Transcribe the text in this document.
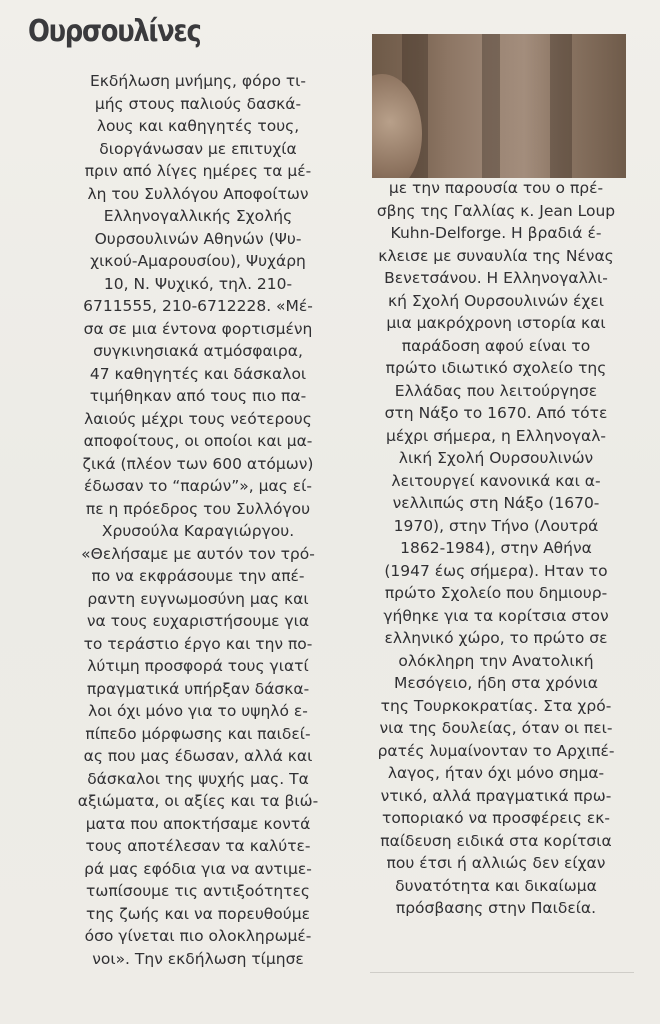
Ουρσουλίνες
Εκδήλωση μνήμης, φόρο τι-
μής στους παλιούς δασκά-
λους και καθηγητές τους,
διοργάνωσαν με επιτυχία
πριν από λίγες ημέρες τα μέ-
λη του Συλλόγου Αποφοίτων
Ελληνογαλλικής Σχολής
Ουρσουλινών Αθηνών (Ψυ-
χικού-Αμαρουσίου), Ψυχάρη
10, Ν. Ψυχικό, τηλ. 210-
6711555, 210-6712228. «Μέ-
σα σε μια έντονα φορτισμένη
συγκινησιακά ατμόσφαιρα,
47 καθηγητές και δάσκαλοι
τιμήθηκαν από τους πιο πα-
λαιούς μέχρι τους νεότερους
αποφοίτους, οι οποίοι και μα-
ζικά (πλέον των 600 ατόμων)
έδωσαν το “παρών”», μας εί-
πε η πρόεδρος του Συλλόγου
Χρυσούλα Καραγιώργου.
«Θελήσαμε με αυτόν τον τρό-
πο να εκφράσουμε την απέ-
ραντη ευγνωμοσύνη μας και
να τους ευχαριστήσουμε για
το τεράστιο έργο και την πο-
λύτιμη προσφορά τους γιατί
πραγματικά υπήρξαν δάσκα-
λοι όχι μόνο για το υψηλό ε-
πίπεδο μόρφωσης και παιδεί-
ας που μας έδωσαν, αλλά και
δάσκαλοι της ψυχής μας. Τα
αξιώματα, οι αξίες και τα βιώ-
ματα που αποκτήσαμε κοντά
τους αποτέλεσαν τα καλύτε-
ρά μας εφόδια για να αντιμε-
τωπίσουμε τις αντιξοότητες
της ζωής και να πορευθούμε
όσο γίνεται πιο ολοκληρωμέ-
νοι». Την εκδήλωση τίμησε
με την παρουσία του ο πρέ-
σβης της Γαλλίας κ. Jean Loup
Kuhn-Delforge. Η βραδιά έ-
κλεισε με συναυλία της Νένας
Βενετσάνου. Η Ελληνογαλλι-
κή Σχολή Ουρσουλινών έχει
μια μακρόχρονη ιστορία και
παράδοση αφού είναι το
πρώτο ιδιωτικό σχολείο της
Ελλάδας που λειτούργησε
στη Νάξο το 1670. Από τότε
μέχρι σήμερα, η Ελληνογαλ-
λική Σχολή Ουρσουλινών
λειτουργεί κανονικά και α-
νελλιπώς στη Νάξο (1670-
1970), στην Τήνο (Λουτρά
1862-1984), στην Αθήνα
(1947 έως σήμερα). Ηταν το
πρώτο Σχολείο που δημιουρ-
γήθηκε για τα κορίτσια στον
ελληνικό χώρο, το πρώτο σε
ολόκληρη την Ανατολική
Μεσόγειο, ήδη στα χρόνια
της Τουρκοκρατίας. Στα χρό-
νια της δουλείας, όταν οι πει-
ρατές λυμαίνονταν το Αρχιπέ-
λαγος, ήταν όχι μόνο σημα-
ντικό, αλλά πραγματικά πρω-
τοποριακό να προσφέρεις εκ-
παίδευση ειδικά στα κορίτσια
που έτσι ή αλλιώς δεν είχαν
δυνατότητα και δικαίωμα
πρόσβασης στην Παιδεία.
